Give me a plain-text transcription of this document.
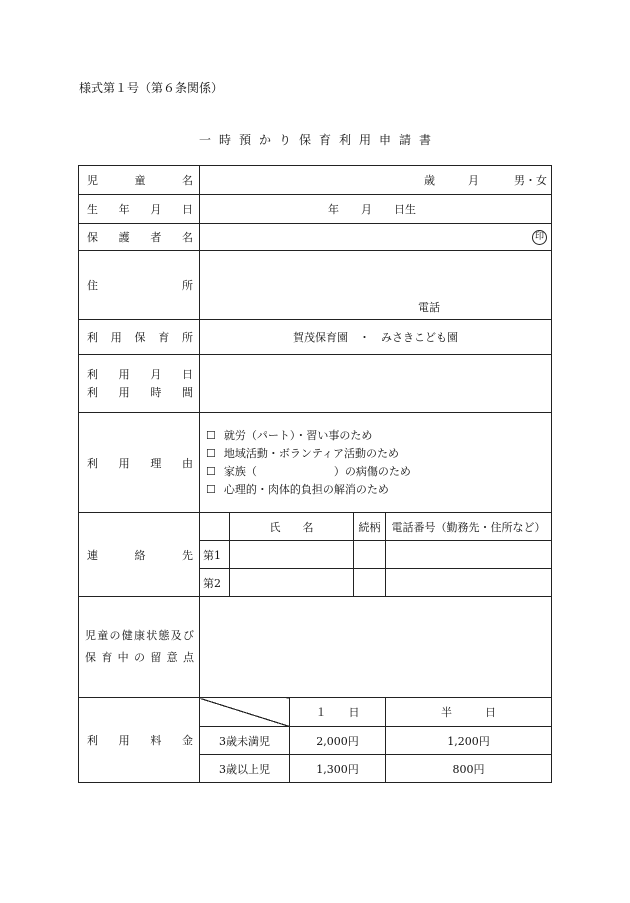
様式第１号（第６条関係）
一時預かり保育利用申請書
児童名	歳　　　月 男・女				
生年月日	年　　月　　日生				
保護者名	印				
住所	電話				
利用保育所	賀茂保育園　・　みさきこども園				

利用月日
利用時間					

利用理由	☐ 就労（パート）・習い事のため
☐ 地域活動・ボランティア活動のため
☐ 家族（　　　　　　　）の病傷のため
☐ 心理的・肉体的負担の解消のため				

連絡先		氏　　名		続柄	電話番号（勤務先・住所など）
	第1				
	第2				

児童の健康状態及び
保育中の留意点					

利用料金			１　　日		半　　　日
	3歳未満児		2,000円		1,200円
	3歳以上児		1,300円		800円
